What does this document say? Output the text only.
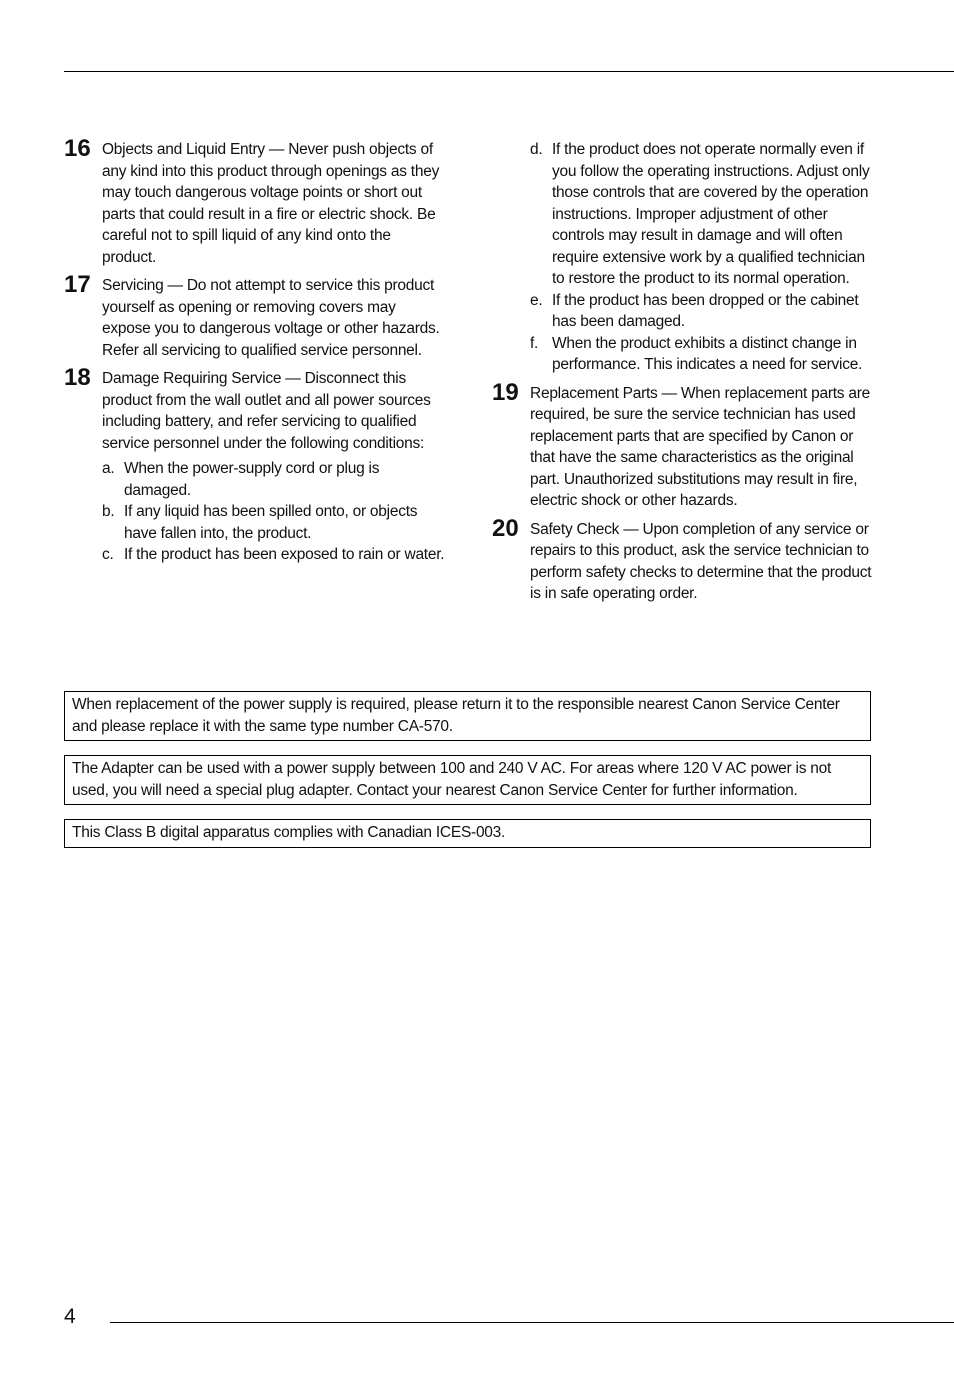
16 Objects and Liquid Entry — Never push objects of any kind into this product through openings as they may touch dangerous voltage points or short out parts that could result in a fire or electric shock. Be careful not to spill liquid of any kind onto the product.
17 Servicing — Do not attempt to service this product yourself as opening or removing covers may expose you to dangerous voltage or other hazards. Refer all servicing to qualified service personnel.
18 Damage Requiring Service — Disconnect this product from the wall outlet and all power sources including battery, and refer servicing to qualified service personnel under the following conditions:
a. When the power-supply cord or plug is damaged.
b. If any liquid has been spilled onto, or objects have fallen into, the product.
c. If the product has been exposed to rain or water.
d. If the product does not operate normally even if you follow the operating instructions. Adjust only those controls that are covered by the operation instructions. Improper adjustment of other controls may result in damage and will often require extensive work by a qualified technician to restore the product to its normal operation.
e. If the product has been dropped or the cabinet has been damaged.
f. When the product exhibits a distinct change in performance. This indicates a need for service.
19 Replacement Parts — When replacement parts are required, be sure the service technician has used replacement parts that are specified by Canon or that have the same characteristics as the original part. Unauthorized substitutions may result in fire, electric shock or other hazards.
20 Safety Check — Upon completion of any service or repairs to this product, ask the service technician to perform safety checks to determine that the product is in safe operating order.
When replacement of the power supply is required, please return it to the responsible nearest Canon Service Center and please replace it with the same type number CA-570.
The Adapter can be used with a power supply between 100 and 240 V AC. For areas where 120 V AC power is not used, you will need a special plug adapter. Contact your nearest Canon Service Center for further information.
This Class B digital apparatus complies with Canadian ICES-003.
4
